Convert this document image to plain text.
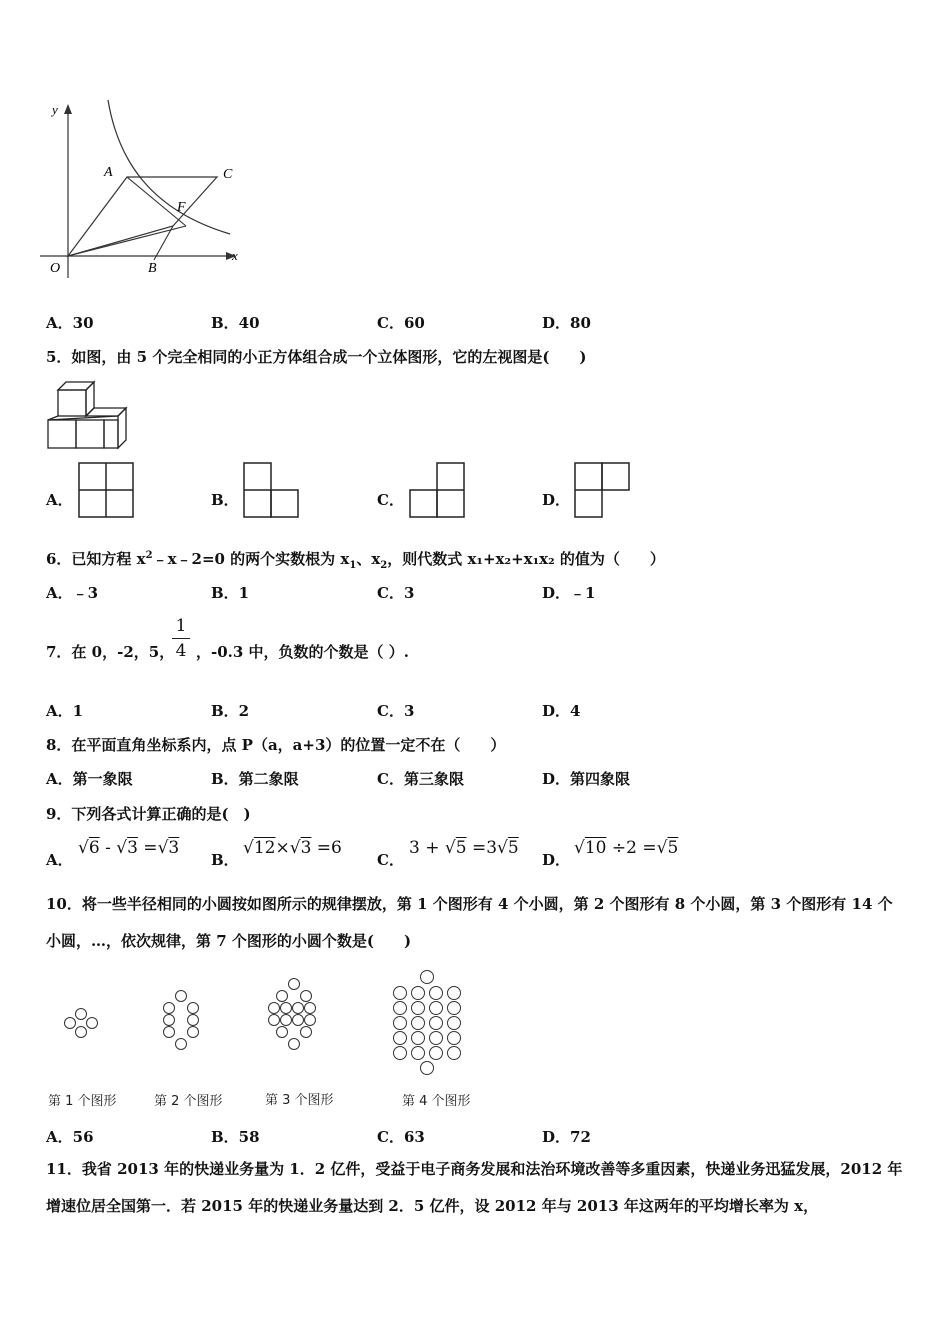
y
x
O
A
B
C
F
A．30	B．40	C．60	D．80
5．如图，由 5 个完全相同的小正方体组合成一个立体图形，它的左视图是(　　)
A．	B．	C．	D．
6．已知方程 $x^2﹣x﹣2=0$ 的两个实数根为 $x_1$、$x_2$，则代数式 x₁+x₂+x₁x₂ 的值为（　　）
A．﹣3	B．1	C．3	D．﹣1
7．在 0，-2，5，
1
4 ，-0.3 中，负数的个数是（ ）.
A．1	B．2	C．3	D．4
8．在平面直角坐标系内，点 P（a，a+3）的位置一定不在（　　）
A．第一象限	B．第二象限	C．第三象限	D．第四象限
9．下列各式计算正确的是(　)
A．
√6 - √3 =√3
B．
√12×√3 =6
C．
3 + √5 =3√5
D．
√10 ÷2 =√5
10．将一些半径相同的小圆按如图所示的规律摆放，第 1 个图形有 4 个小圆，第 2 个图形有 8 个小圆，第 3 个图形有 14 个小圆，…，依次规律，第 7 个图形的小圆个数是(　　)
第 1 个图形	第 2 个图形	第 3 个图形	第 4 个图形
A．56	B．58	C．63	D．72
11．我省 2013 年的快递业务量为 1．2 亿件，受益于电子商务发展和法治环境改善等多重因素，快递业务迅猛发展，2012 年增速位居全国第一．若 2015 年的快递业务量达到 2．5 亿件，设 2012 年与 2013 年这两年的平均增长率为 x，
